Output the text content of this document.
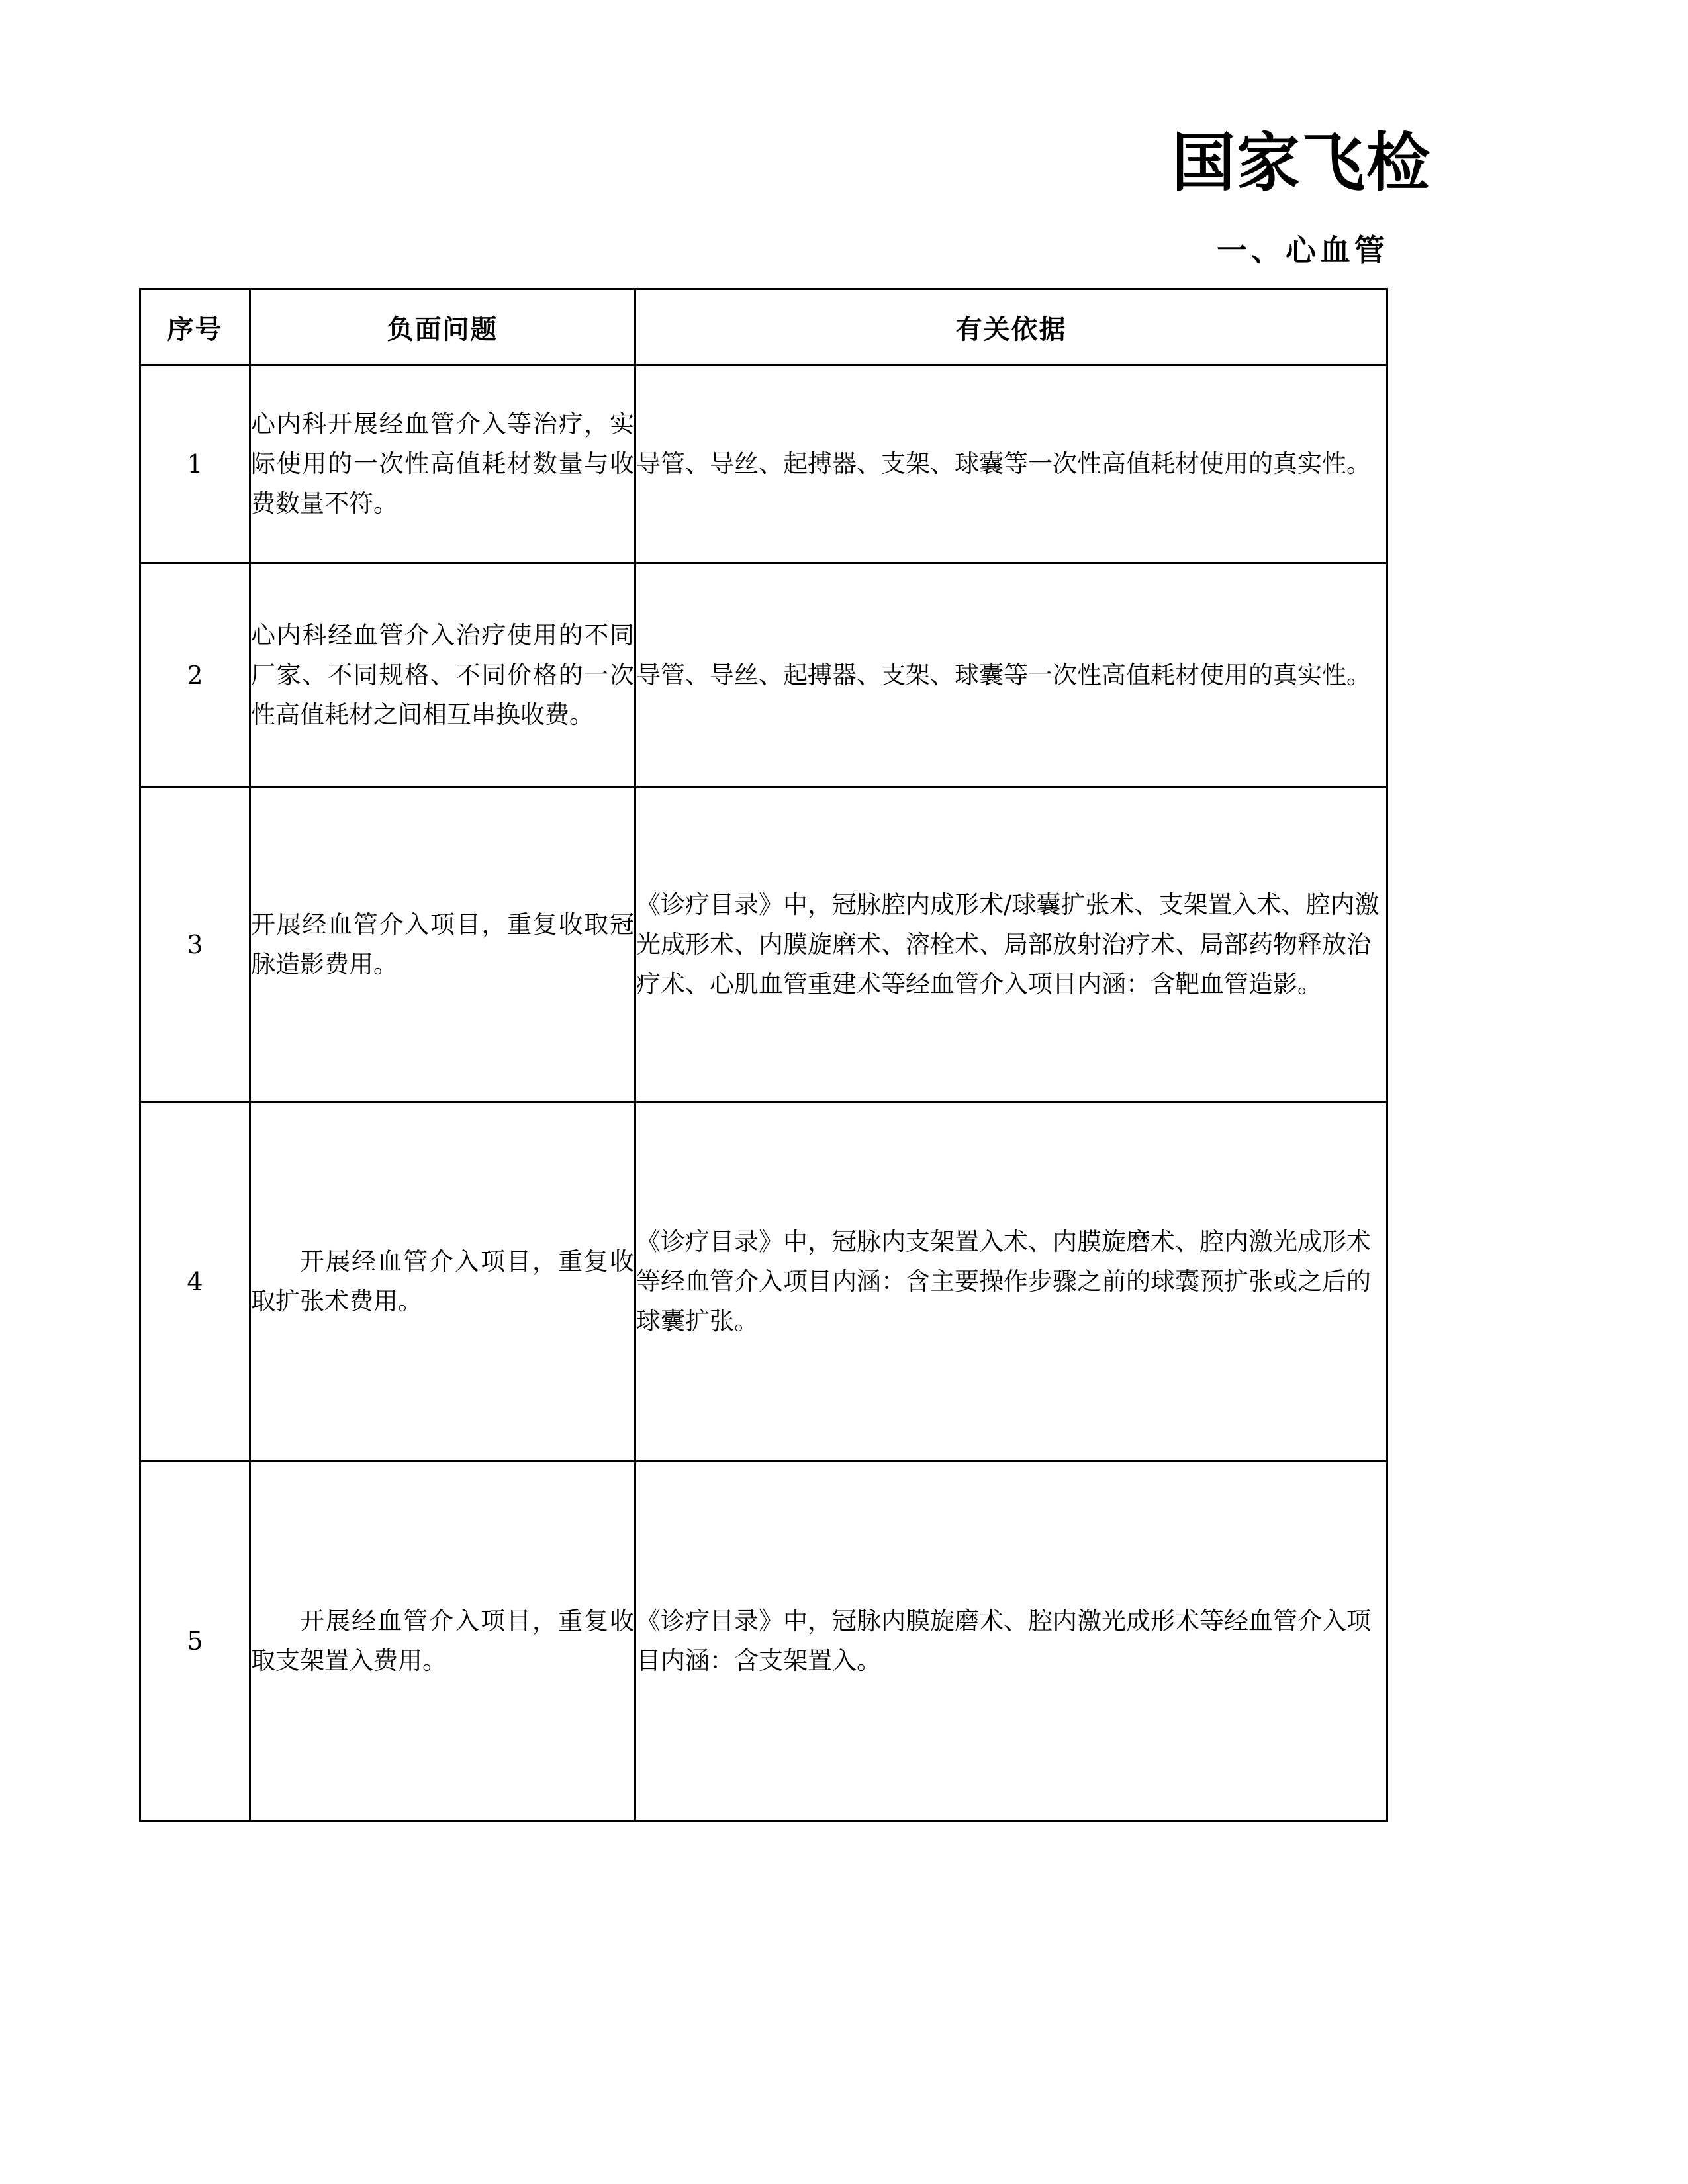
国家飞检
一、心血管
序号	负面问题	有关依据
1	心内科开展经血管介入等治疗，实际使用的一次性高值耗材数量与收费数量不符。	导管、导丝、起搏器、支架、球囊等一次性高值耗材使用的真实性。
2	心内科经血管介入治疗使用的不同厂家、不同规格、不同价格的一次性高值耗材之间相互串换收费。	导管、导丝、起搏器、支架、球囊等一次性高值耗材使用的真实性。
3	开展经血管介入项目，重复收取冠脉造影费用。	《诊疗目录》中，冠脉腔内成形术/球囊扩张术、支架置入术、腔内激光成形术、内膜旋磨术、溶栓术、局部放射治疗术、局部药物释放治疗术、心肌血管重建术等经血管介入项目内涵：含靶血管造影。
4	开展经血管介入项目，重复收取扩张术费用。	《诊疗目录》中，冠脉内支架置入术、内膜旋磨术、腔内激光成形术等经血管介入项目内涵：含主要操作步骤之前的球囊预扩张或之后的球囊扩张。
5	开展经血管介入项目，重复收取支架置入费用。	《诊疗目录》中，冠脉内膜旋磨术、腔内激光成形术等经血管介入项目内涵：含支架置入。
